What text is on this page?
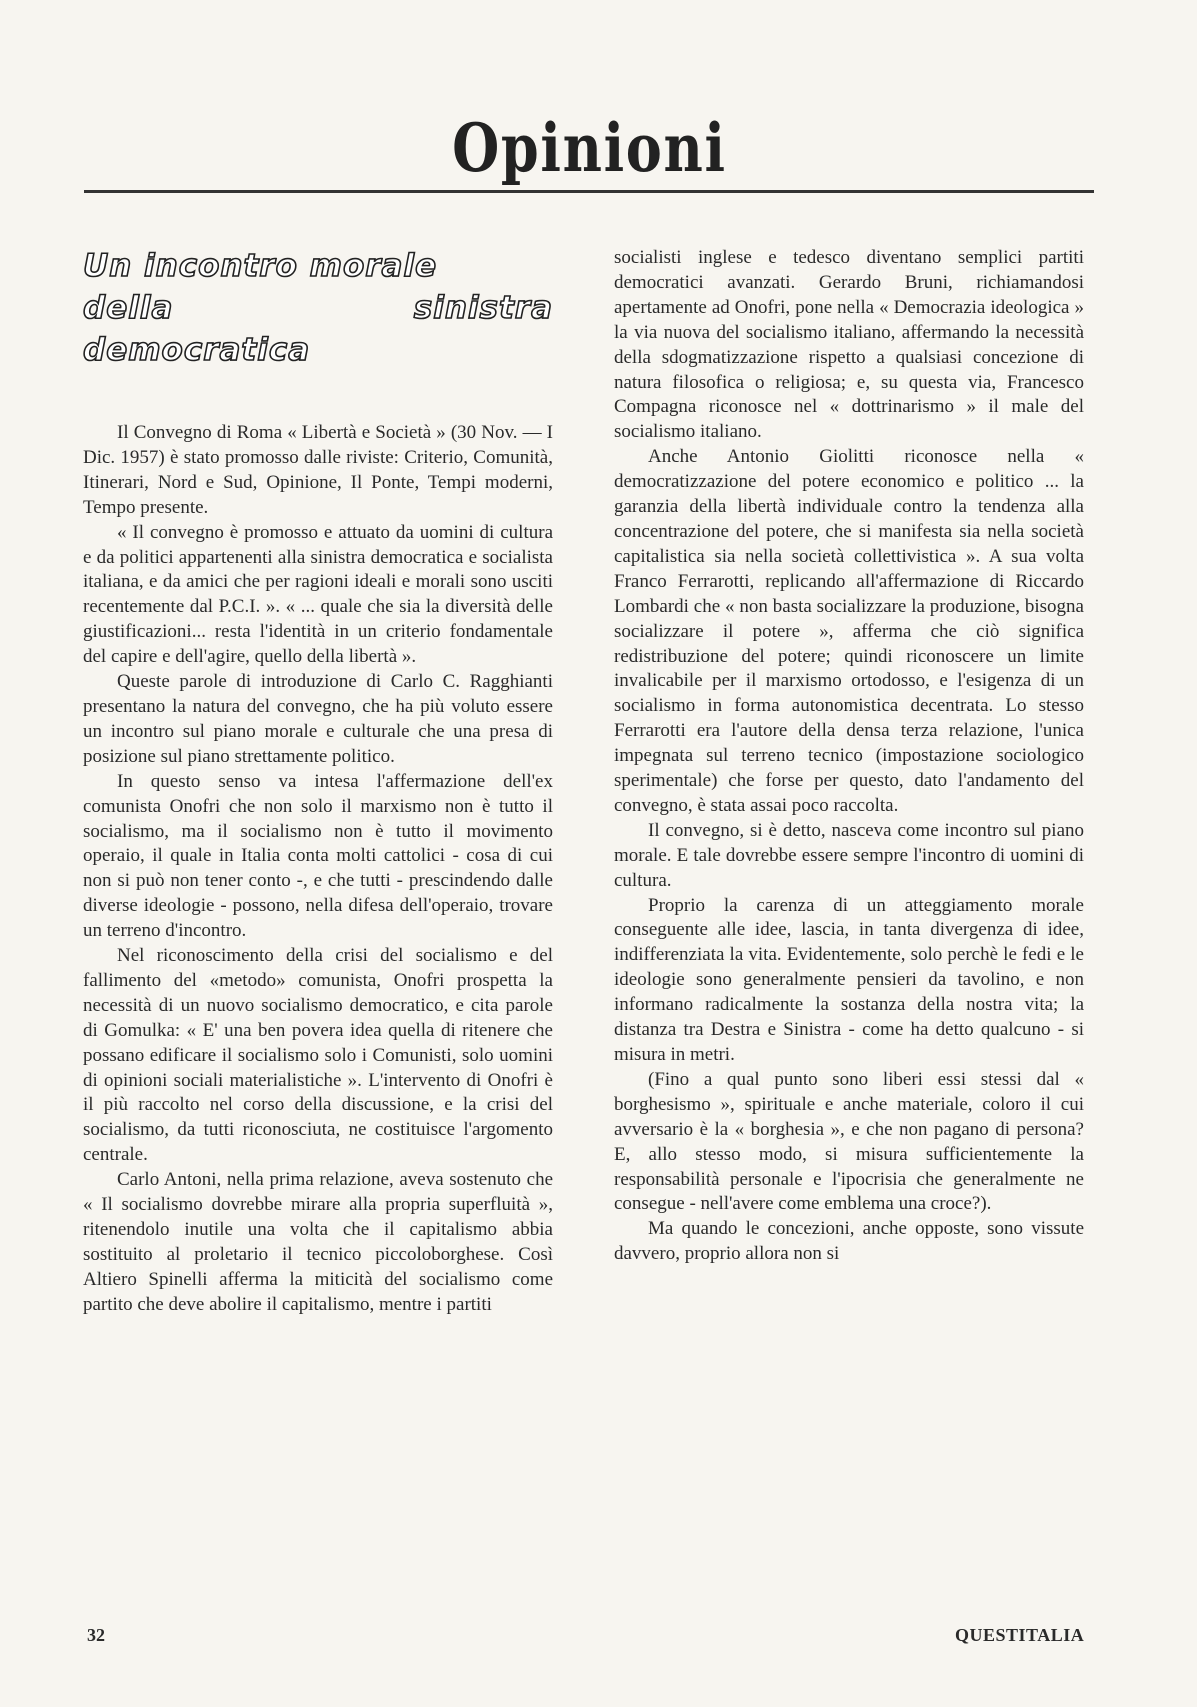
Opinioni
Un incontro morale
della sinistra democratica

Il Convegno di Roma « Libertà e Società » (30 Nov. — I Dic. 1957) è stato promosso dalle riviste: Criterio, Comunità, Itinerari, Nord e Sud, Opinione, Il Ponte, Tempi moderni, Tempo presente.

« Il convegno è promosso e attuato da uomini di cultura e da politici appartenenti alla sinistra democratica e socialista italiana, e da amici che per ragioni ideali e morali sono usciti recentemente dal P.C.I. ». « ... quale che sia la diversità delle giustificazioni... resta l'identità in un criterio fondamentale del capire e dell'agire, quello della libertà ».

Queste parole di introduzione di Carlo C. Ragghianti presentano la natura del convegno, che ha più voluto essere un incontro sul piano morale e culturale che una presa di posizione sul piano strettamente politico.

In questo senso va intesa l'affermazione dell'ex comunista Onofri che non solo il marxismo non è tutto il socialismo, ma il socialismo non è tutto il movimento operaio, il quale in Italia conta molti cattolici - cosa di cui non si può non tener conto -, e che tutti - prescindendo dalle diverse ideologie - possono, nella difesa dell'operaio, trovare un terreno d'incontro.

Nel riconoscimento della crisi del socialismo e del fallimento del «metodo» comunista, Onofri prospetta la necessità di un nuovo socialismo democratico, e cita parole di Gomulka: « E' una ben povera idea quella di ritenere che possano edificare il socialismo solo i Comunisti, solo uomini di opinioni sociali materialistiche ». L'intervento di Onofri è il più raccolto nel corso della discussione, e la crisi del socialismo, da tutti riconosciuta, ne costituisce l'argomento centrale.

Carlo Antoni, nella prima relazione, aveva sostenuto che « Il socialismo dovrebbe mirare alla propria superfluità », ritenendolo inutile una volta che il capitalismo abbia sostituito al proletario il tecnico piccoloborghese. Così Altiero Spinelli afferma la miticità del socialismo come partito che deve abolire il capitalismo, mentre i partiti

socialisti inglese e tedesco diventano semplici partiti democratici avanzati. Gerardo Bruni, richiamandosi apertamente ad Onofri, pone nella « Democrazia ideologica » la via nuova del socialismo italiano, affermando la necessità della sdogmatizzazione rispetto a qualsiasi concezione di natura filosofica o religiosa; e, su questa via, Francesco Compagna riconosce nel « dottrinarismo » il male del socialismo italiano.

Anche Antonio Giolitti riconosce nella « democratizzazione del potere economico e politico ... la garanzia della libertà individuale contro la tendenza alla concentrazione del potere, che si manifesta sia nella società capitalistica sia nella società collettivistica ». A sua volta Franco Ferrarotti, replicando all'affermazione di Riccardo Lombardi che « non basta socializzare la produzione, bisogna socializzare il potere », afferma che ciò significa redistribuzione del potere; quindi riconoscere un limite invalicabile per il marxismo ortodosso, e l'esigenza di un socialismo in forma autonomistica decentrata. Lo stesso Ferrarotti era l'autore della densa terza relazione, l'unica impegnata sul terreno tecnico (impostazione sociologico sperimentale) che forse per questo, dato l'andamento del convegno, è stata assai poco raccolta.

Il convegno, si è detto, nasceva come incontro sul piano morale. E tale dovrebbe essere sempre l'incontro di uomini di cultura.

Proprio la carenza di un atteggiamento morale conseguente alle idee, lascia, in tanta divergenza di idee, indifferenziata la vita. Evidentemente, solo perchè le fedi e le ideologie sono generalmente pensieri da tavolino, e non informano radicalmente la sostanza della nostra vita; la distanza tra Destra e Sinistra - come ha detto qualcuno - si misura in metri.

(Fino a qual punto sono liberi essi stessi dal « borghesismo », spirituale e anche materiale, coloro il cui avversario è la « borghesia », e che non pagano di persona? E, allo stesso modo, si misura sufficientemente la responsabilità personale e l'ipocrisia che generalmente ne consegue - nell'avere come emblema una croce?).

Ma quando le concezioni, anche opposte, sono vissute davvero, proprio allora non si

32	QUESTITALIA
